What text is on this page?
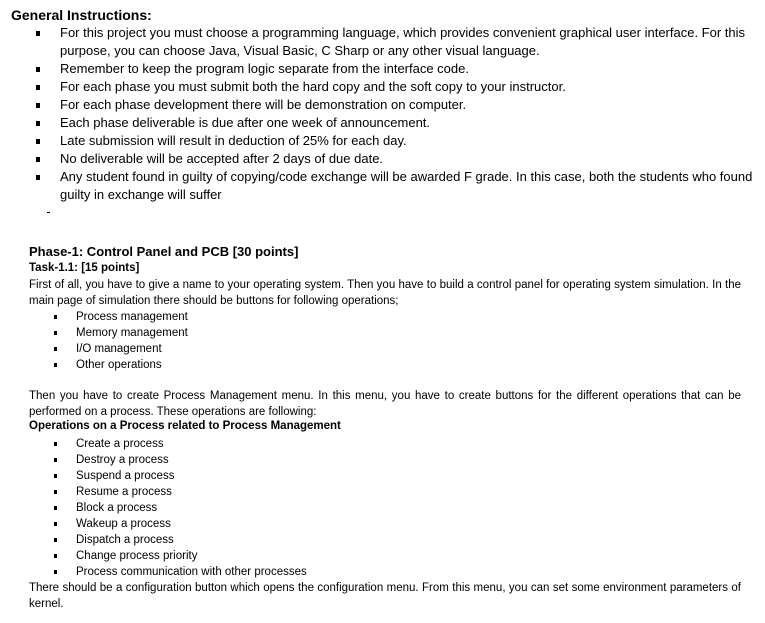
General Instructions:
For this project you must choose a programming language, which provides convenient graphical user interface. For this purpose, you can choose Java, Visual Basic, C Sharp or any other visual language.
Remember to keep the program logic separate from the interface code.
For each phase you must submit both the hard copy and the soft copy to your instructor.
For each phase development there will be demonstration on computer.
Each phase deliverable is due after one week of announcement.
Late submission will result in deduction of 25% for each day.
No deliverable will be accepted after 2 days of due date.
Any student found in guilty of copying/code exchange will be awarded F grade. In this case, both the students who found guilty in exchange will suffer
Phase-1: Control Panel and PCB [30 points]
Task-1.1: [15 points]
First of all, you have to give a name to your operating system. Then you have to build a control panel for operating system simulation. In the main page of simulation there should be buttons for following operations;
Process management
Memory management
I/O management
Other operations
Then you have to create Process Management menu. In this menu, you have to create buttons for the different operations that can be performed on a process. These operations are following:
Operations on a Process related to Process Management
Create a process
Destroy a process
Suspend a process
Resume a process
Block a process
Wakeup a process
Dispatch a process
Change process priority
Process communication with other processes
There should be a configuration button which opens the configuration menu. From this menu, you can set some environment parameters of kernel.
